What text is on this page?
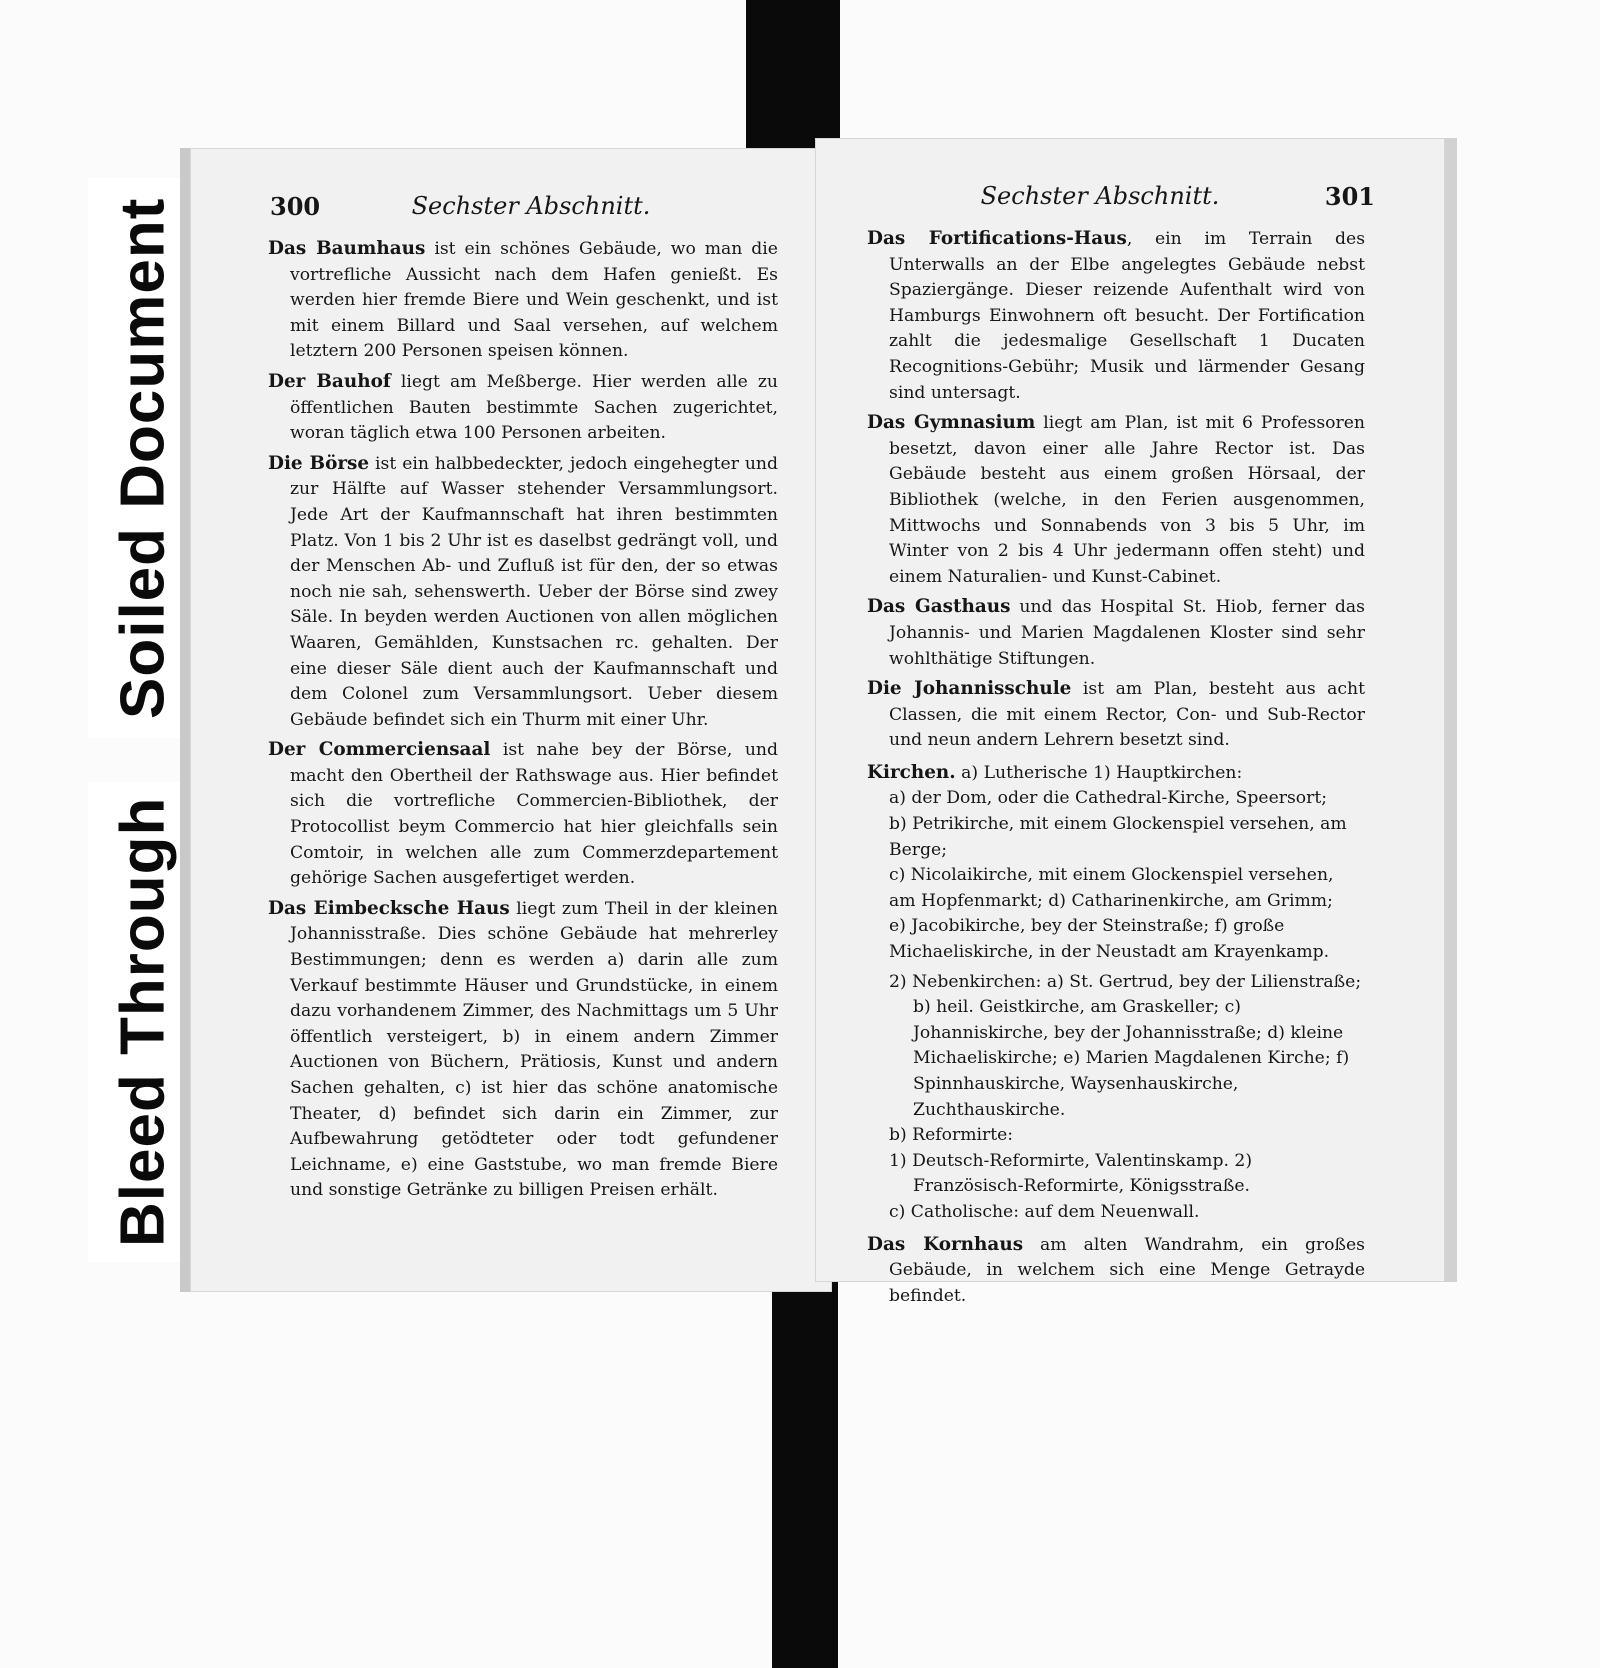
Soiled Document
Bleed Through
Sechster Abschnitt.
300

Das Baumhaus ist ein schönes Gebäude, wo man die vortrefliche Aussicht nach dem Hafen genießt. Es werden hier fremde Biere und Wein geschenkt, und ist mit einem Billard und Saal versehen, auf welchem letztern 200 Personen speisen können.

Der Bauhof liegt am Meßberge. Hier werden alle zu öffentlichen Bauten bestimmte Sachen zugerichtet, woran täglich etwa 100 Personen arbeiten.

Die Börse ist ein halbbedeckter, jedoch eingehegter und zur Hälfte auf Wasser stehender Versammlungsort. Jede Art der Kaufmannschaft hat ihren bestimmten Platz. Von 1 bis 2 Uhr ist es daselbst gedrängt voll, und der Menschen Ab- und Zufluß ist für den, der so etwas noch nie sah, sehenswerth. Ueber der Börse sind zwey Säle. In beyden werden Auctionen von allen möglichen Waaren, Gemählden, Kunstsachen rc. gehalten. Der eine dieser Säle dient auch der Kaufmannschaft und dem Colonel zum Versammlungsort. Ueber diesem Gebäude befindet sich ein Thurm mit einer Uhr.

Der Commerciensaal ist nahe bey der Börse, und macht den Obertheil der Rathswage aus. Hier befindet sich die vortrefliche Commercien-Bibliothek, der Protocollist beym Commercio hat hier gleichfalls sein Comtoir, in welchen alle zum Commerzdepartement gehörige Sachen ausgefertiget werden.

Das Eimbecksche Haus liegt zum Theil in der kleinen Johannisstraße. Dies schöne Gebäude hat mehrerley Bestimmungen; denn es werden a) darin alle zum Verkauf bestimmte Häuser und Grundstücke, in einem dazu vorhandenem Zimmer, des Nachmittags um 5 Uhr öffentlich versteigert, b) in einem andern Zimmer Auctionen von Büchern, Prätiosis, Kunst und andern Sachen gehalten, c) ist hier das schöne anatomische Theater, d) befindet sich darin ein Zimmer, zur Aufbewahrung getödteter oder todt gefundener Leichname, e) eine Gaststube, wo man fremde Biere und sonstige Getränke zu billigen Preisen erhält.

Sechster Abschnitt.	301

Das Fortifications-Haus, ein im Terrain des Unterwalls an der Elbe angelegtes Gebäude nebst Spaziergänge. Dieser reizende Aufenthalt wird von Hamburgs Einwohnern oft besucht. Der Fortification zahlt die jedesmalige Gesellschaft 1 Ducaten Recognitions-Gebühr; Musik und lärmender Gesang sind untersagt.

Das Gymnasium liegt am Plan, ist mit 6 Professoren besetzt, davon einer alle Jahre Rector ist. Das Gebäude besteht aus einem großen Hörsaal, der Bibliothek (welche, in den Ferien ausgenommen, Mittwochs und Sonnabends von 3 bis 5 Uhr, im Winter von 2 bis 4 Uhr jedermann offen steht) und einem Naturalien- und Kunst-Cabinet.

Das Gasthaus und das Hospital St. Hiob, ferner das Johannis- und Marien Magdalenen Kloster sind sehr wohlthätige Stiftungen.

Die Johannisschule ist am Plan, besteht aus acht Classen, die mit einem Rector, Con- und Sub-Rector und neun andern Lehrern besetzt sind.

Kirchen. a) Lutherische 1) Hauptkirchen:
a) der Dom, oder die Cathedral-Kirche, Speersort;
b) Petrikirche, mit einem Glockenspiel versehen, am Berge;
c) Nicolaikirche, mit einem Glockenspiel versehen, am Hopfenmarkt; d) Catharinenkirche, am Grimm;
e) Jacobikirche, bey der Steinstraße; f) große Michaeliskirche, in der Neustadt am Krayenkamp.
2) Nebenkirchen: a) St. Gertrud, bey der Lilienstraße; b) heil. Geistkirche, am Graskeller; c) Johanniskirche, bey der Johannisstraße; d) kleine Michaeliskirche; e) Marien Magdalenen Kirche; f) Spinnhauskirche, Waysenhauskirche, Zuchthauskirche.
b) Reformirte:
1) Deutsch-Reformirte, Valentinskamp. 2) Französisch-Reformirte, Königsstraße.
c) Catholische: auf dem Neuenwall.

Das Kornhaus am alten Wandrahm, ein großes Gebäude, in welchem sich eine Menge Getrayde befindet.
